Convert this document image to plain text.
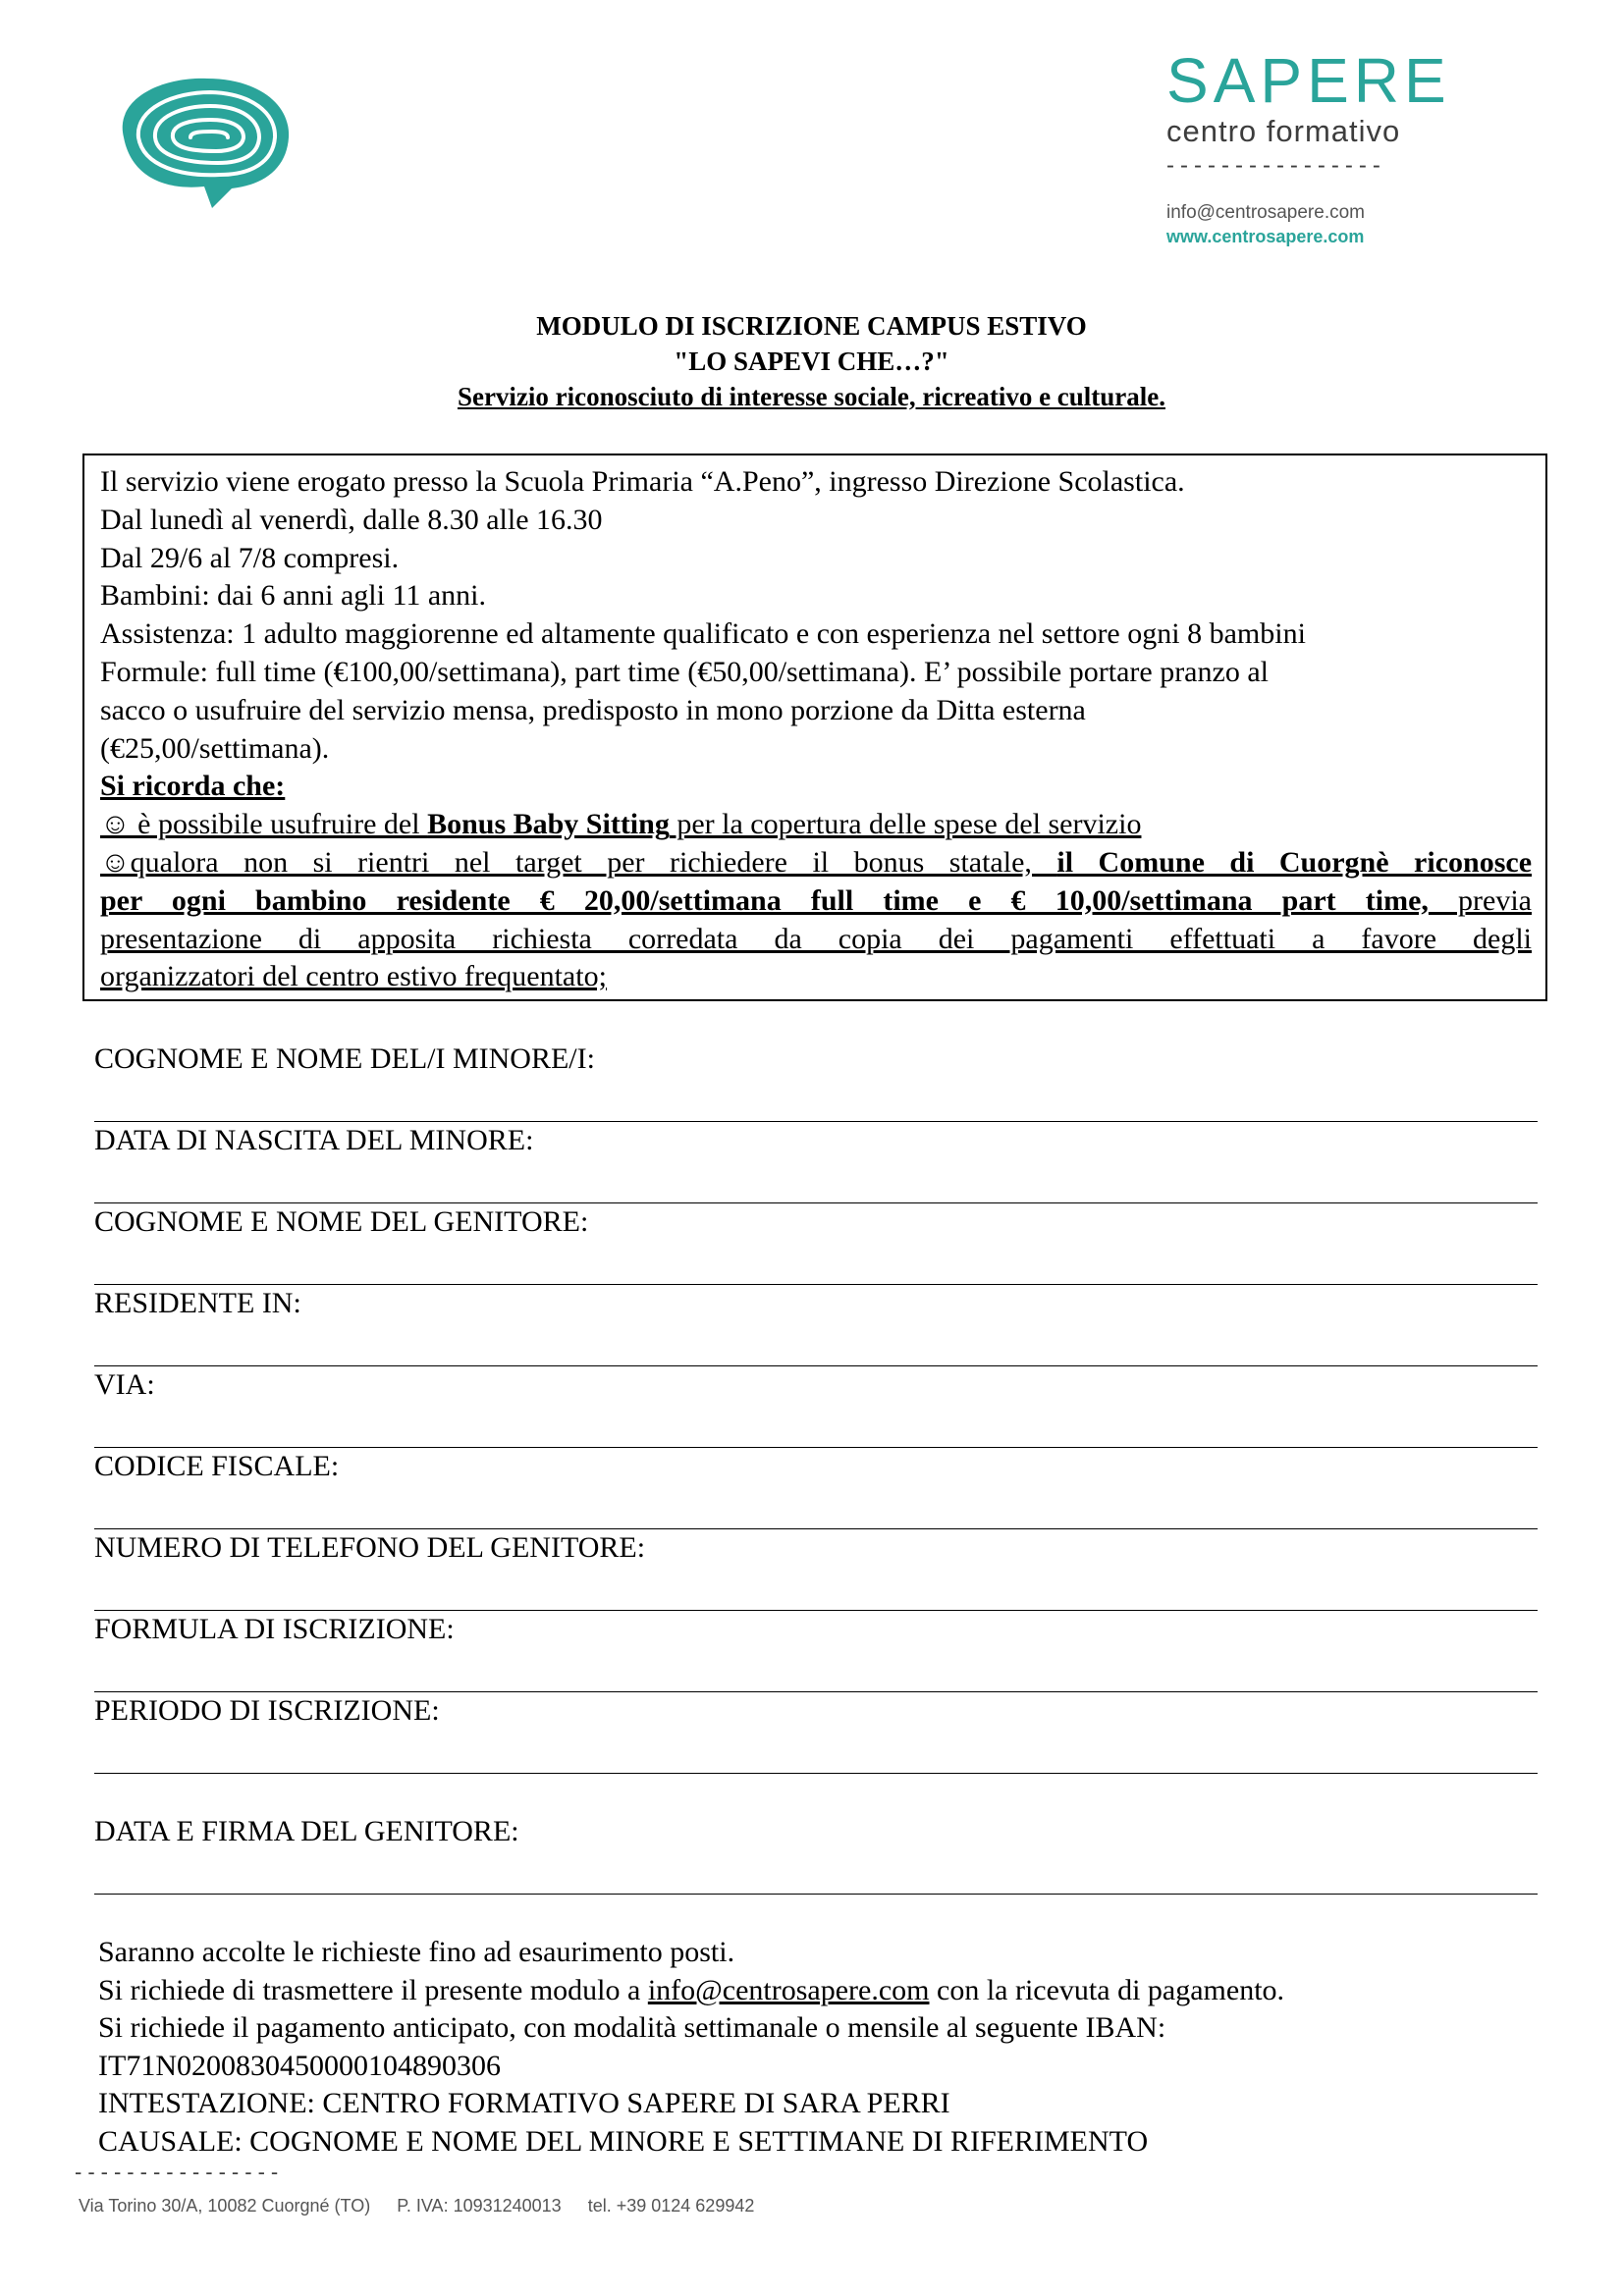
SAPERE
centro formativo
----------------
info@centrosapere.com
www.centrosapere.com
MODULO DI ISCRIZIONE CAMPUS ESTIVO
"LO SAPEVI CHE…?"
Servizio riconosciuto di interesse sociale, ricreativo e culturale.

Il servizio viene erogato presso la Scuola Primaria “A.Peno”, ingresso Direzione Scolastica.

Dal lunedì al venerdì, dalle 8.30 alle 16.30

Dal 29/6 al 7/8 compresi.

Bambini: dai 6 anni agli 11 anni.

Assistenza: 1 adulto maggiorenne ed altamente qualificato e con esperienza nel settore ogni 8 bambini

Formule: full time (€100,00/settimana), part time (€50,00/settimana). E’ possibile portare pranzo al

sacco o usufruire del servizio mensa, predisposto in mono porzione da Ditta esterna

(€25,00/settimana).

Si ricorda che:

☺ è possibile usufruire del Bonus Baby Sitting per la copertura delle spese del servizio

☺qualora non si rientri nel target per richiedere il bonus statale, il Comune di Cuorgnè riconosce

per ogni bambino residente € 20,00/settimana full time e € 10,00/settimana part time, previa

presentazione di apposita richiesta corredata da copia dei pagamenti effettuati a favore degli

organizzatori del centro estivo frequentato;

COGNOME E NOME DEL/I MINORE/I:
DATA DI NASCITA DEL MINORE:
COGNOME E NOME DEL GENITORE:
RESIDENTE IN:
VIA:
CODICE FISCALE:
NUMERO DI TELEFONO DEL GENITORE:
FORMULA DI ISCRIZIONE:
PERIODO DI ISCRIZIONE:
DATA E FIRMA DEL GENITORE:

Saranno accolte le richieste fino ad esaurimento posti.

Si richiede di trasmettere il presente modulo a info@centrosapere.com con la ricevuta di pagamento.

Si richiede il pagamento anticipato, con modalità settimanale o mensile al seguente IBAN:

IT71N0200830450000104890306

INTESTAZIONE: CENTRO FORMATIVO SAPERE DI SARA PERRI

CAUSALE: COGNOME E NOME DEL MINORE E SETTIMANE DI RIFERIMENTO

----------------
Via Torino 30/A, 10082 Cuorgné (TO) P. IVA: 10931240013 tel. +39 0124 629942
